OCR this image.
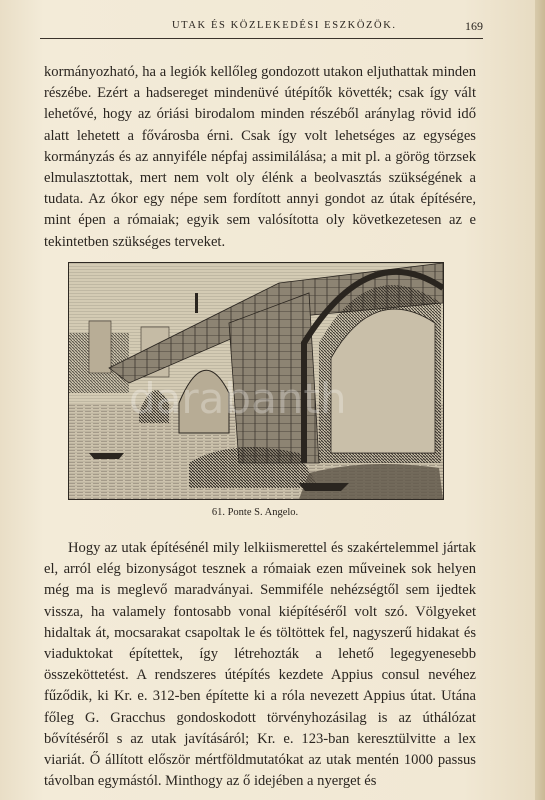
UTAK ÉS KÖZLEKEDÉSI ESZKÖZÖK.	169
kormányozható, ha a legiók kellőleg gondozott utakon eljuthattak minden részébe. Ezért a hadsereget mindenüvé útépítők követték; csak így vált lehetővé, hogy az óriási birodalom minden részéből aránylag rövid idő alatt lehetett a fővárosba érni. Csak így volt lehetséges az egységes kormányzás és az annyiféle népfaj assimilálása; a mit pl. a görög törzsek elmulasztottak, mert nem volt oly élénk a beolvasztás szükségének a tudata. Az ókor egy népe sem fordított annyi gondot az útak építésére, mint épen a rómaiak; egyik sem valósította oly következetesen az e tekintetben szükséges terveket.
darabanth
61. Ponte S. Angelo.
Hogy az utak építésénél mily lelkiismerettel és szakértelemmel jártak el, arról elég bizonyságot tesznek a rómaiak ezen műveinek sok helyen még ma is meglevő maradványai. Semmiféle nehézségtől sem ijedtek vissza, ha valamely fontosabb vonal kiépítéséről volt szó. Völgyeket hidaltak át, mocsarakat csapoltak le és töltöttek fel, nagyszerű hidakat és viaduktokat építettek, így létrehozták a lehető legegyenesebb összeköttetést. A rendszeres útépítés kezdete Appius consul nevéhez fűződik, ki Kr. e. 312-ben építette ki a róla nevezett Appius útat. Utána főleg G. Gracchus gondoskodott törvényhozásilag is az úthálózat bővítéséről s az utak javításáról; Kr. e. 123-ban keresztülvitte a lex viariát. Ő állított először mértföldmutatókat az utak mentén 1000 passus távolban egymástól. Minthogy az ő idejében a nyerget és
